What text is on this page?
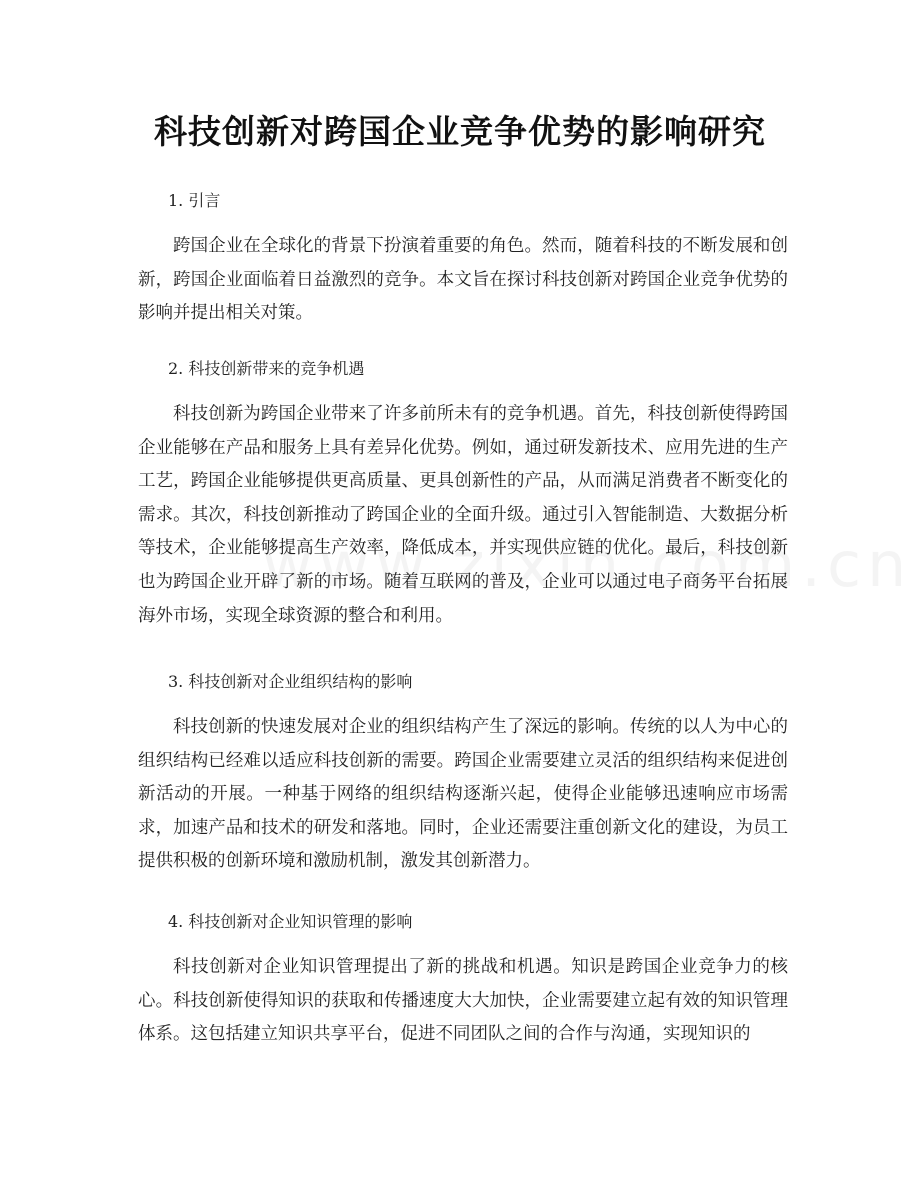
科技创新对跨国企业竞争优势的影响研究
1. 引言

跨国企业在全球化的背景下扮演着重要的角色。然而，随着科技的不断发展和创新，跨国企业面临着日益激烈的竞争。本文旨在探讨科技创新对跨国企业竞争优势的影响并提出相关对策。

2. 科技创新带来的竞争机遇

科技创新为跨国企业带来了许多前所未有的竞争机遇。首先，科技创新使得跨国企业能够在产品和服务上具有差异化优势。例如，通过研发新技术、应用先进的生产工艺，跨国企业能够提供更高质量、更具创新性的产品，从而满足消费者不断变化的需求。其次，科技创新推动了跨国企业的全面升级。通过引入智能制造、大数据分析等技术，企业能够提高生产效率，降低成本，并实现供应链的优化。最后，科技创新也为跨国企业开辟了新的市场。随着互联网的普及，企业可以通过电子商务平台拓展海外市场，实现全球资源的整合和利用。

3. 科技创新对企业组织结构的影响

科技创新的快速发展对企业的组织结构产生了深远的影响。传统的以人为中心的组织结构已经难以适应科技创新的需要。跨国企业需要建立灵活的组织结构来促进创新活动的开展。一种基于网络的组织结构逐渐兴起，使得企业能够迅速响应市场需求，加速产品和技术的研发和落地。同时，企业还需要注重创新文化的建设，为员工提供积极的创新环境和激励机制，激发其创新潜力。

4. 科技创新对企业知识管理的影响

科技创新对企业知识管理提出了新的挑战和机遇。知识是跨国企业竞争力的核心。科技创新使得知识的获取和传播速度大大加快，企业需要建立起有效的知识管理体系。这包括建立知识共享平台，促进不同团队之间的合作与沟通，实现知识的
